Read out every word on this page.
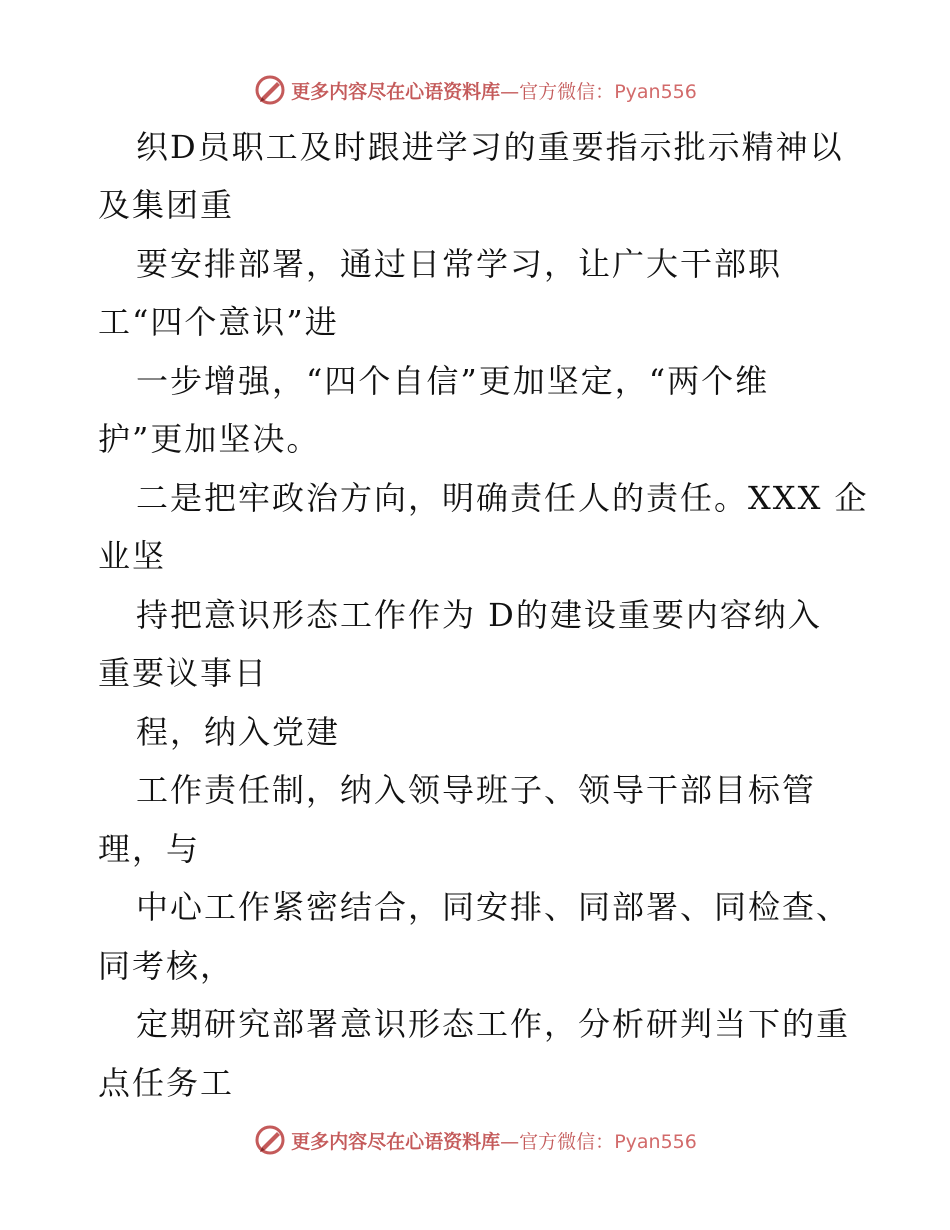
更多内容尽在心语资料库—官方微信：Pyan556
织D员职工及时跟进学习的重要指示批示精神以
及集团重
要安排部署，通过日常学习，让广大干部职
工“四个意识”进
一步增强，“四个自信”更加坚定，“两个维
护”更加坚决。
二是把牢政治方向，明确责任人的责任。XXX 企
业坚
持把意识形态工作作为 D的建设重要内容纳入
重要议事日
程，纳入党建
工作责任制，纳入领导班子、领导干部目标管
理，与
中心工作紧密结合，同安排、同部署、同检查、
同考核，
定期研究部署意识形态工作，分析研判当下的重
点任务工
更多内容尽在心语资料库—官方微信：Pyan556
